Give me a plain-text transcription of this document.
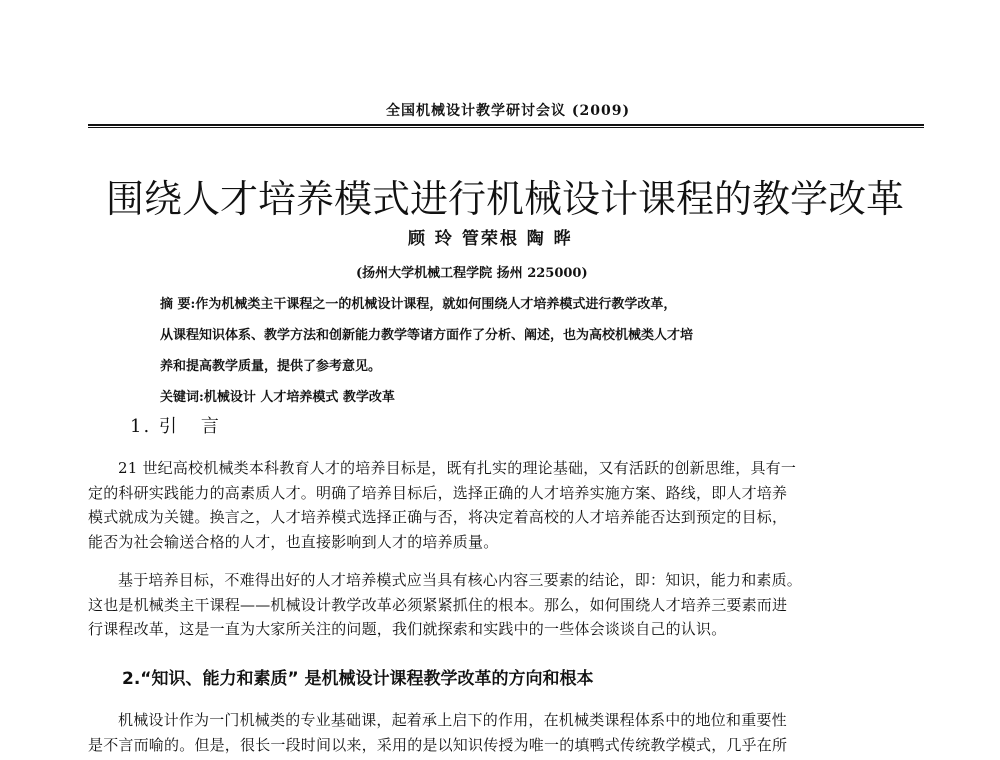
全国机械设计教学研讨会议 (2009)
围绕人才培养模式进行机械设计课程的教学改革
顾 玲 管荣根 陶 晔
(扬州大学机械工程学院 扬州 225000)
摘 要:作为机械类主干课程之一的机械设计课程，就如何围绕人才培养模式进行教学改革，
从课程知识体系、教学方法和创新能力教学等诸方面作了分析、阐述，也为高校机械类人才培
养和提高教学质量，提供了参考意见。
关键词:机械设计 人才培养模式 教学改革
1. 引 言
21 世纪高校机械类本科教育人才的培养目标是，既有扎实的理论基础，又有活跃的创新思维，具有一
定的科研实践能力的高素质人才。明确了培养目标后，选择正确的人才培养实施方案、路线，即人才培养
模式就成为关键。换言之，人才培养模式选择正确与否，将决定着高校的人才培养能否达到预定的目标，
能否为社会输送合格的人才，也直接影响到人才的培养质量。
基于培养目标，不难得出好的人才培养模式应当具有核心内容三要素的结论，即：知识，能力和素质。
这也是机械类主干课程——机械设计教学改革必须紧紧抓住的根本。那么，如何围绕人才培养三要素而进
行课程改革，这是一直为大家所关注的问题，我们就探索和实践中的一些体会谈谈自己的认识。
2.“知识、能力和素质” 是机械设计课程教学改革的方向和根本
机械设计作为一门机械类的专业基础课，起着承上启下的作用，在机械类课程体系中的地位和重要性
是不言而喻的。但是，很长一段时间以来，采用的是以知识传授为唯一的填鸭式传统教学模式，几乎在所
